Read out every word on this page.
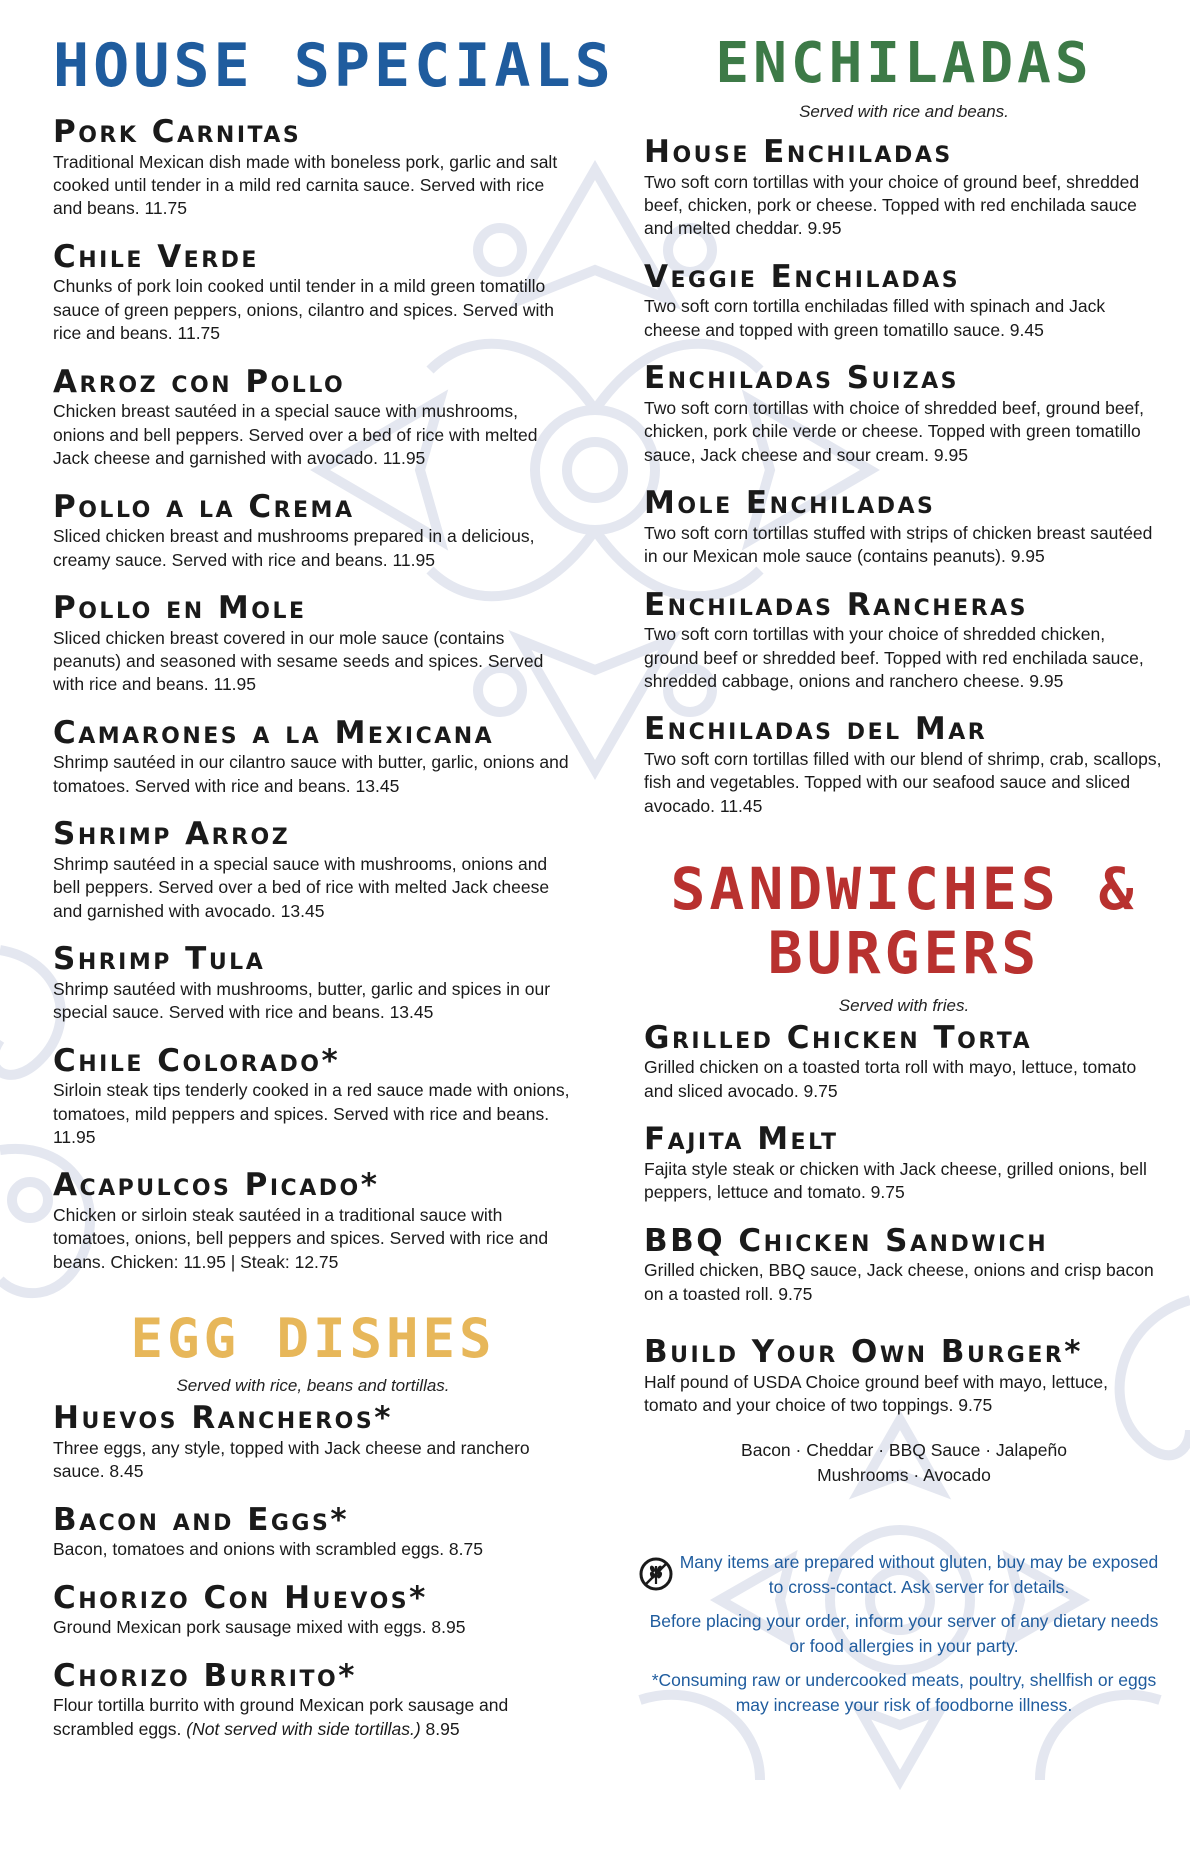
HOUSE SPECIALS

Pork Carnitas

Traditional Mexican dish made with boneless pork, garlic and salt cooked until tender in a mild red carnita sauce. Served with rice and beans. 11.75

Chile Verde

Chunks of pork loin cooked until tender in a mild green tomatillo sauce of green peppers, onions, cilantro and spices. Served with rice and beans. 11.75

Arroz con Pollo

Chicken breast sautéed in a special sauce with mushrooms, onions and bell peppers. Served over a bed of rice with melted Jack cheese and garnished with avocado. 11.95

Pollo a la Crema

Sliced chicken breast and mushrooms prepared in a delicious, creamy sauce. Served with rice and beans. 11.95

Pollo en Mole

Sliced chicken breast covered in our mole sauce (contains peanuts) and seasoned with sesame seeds and spices. Served with rice and beans. 11.95

Camarones a la Mexicana

Shrimp sautéed in our cilantro sauce with butter, garlic, onions and tomatoes. Served with rice and beans. 13.45

Shrimp Arroz

Shrimp sautéed in a special sauce with mushrooms, onions and bell peppers. Served over a bed of rice with melted Jack cheese and garnished with avocado. 13.45

Shrimp Tula

Shrimp sautéed with mushrooms, butter, garlic and spices in our special sauce. Served with rice and beans. 13.45

Chile Colorado*

Sirloin steak tips tenderly cooked in a red sauce made with onions, tomatoes, mild peppers and spices. Served with rice and beans. 11.95

Acapulcos Picado*

Chicken or sirloin steak sautéed in a traditional sauce with tomatoes, onions, bell peppers and spices. Served with rice and beans. Chicken: 11.95 | Steak: 12.75

EGG DISHES

Served with rice, beans and tortillas.

Huevos Rancheros*

Three eggs, any style, topped with Jack cheese and ranchero sauce. 8.45

Bacon and Eggs*

Bacon, tomatoes and onions with scrambled eggs. 8.75

Chorizo Con Huevos*

Ground Mexican pork sausage mixed with eggs. 8.95

Chorizo Burrito*

Flour tortilla burrito with ground Mexican pork sausage and scrambled eggs. (Not served with side tortillas.) 8.95

ENCHILADAS

Served with rice and beans.

House Enchiladas

Two soft corn tortillas with your choice of ground beef, shredded beef, chicken, pork or cheese. Topped with red enchilada sauce and melted cheddar. 9.95

Veggie Enchiladas

Two soft corn tortilla enchiladas filled with spinach and Jack cheese and topped with green tomatillo sauce. 9.45

Enchiladas Suizas

Two soft corn tortillas with choice of shredded beef, ground beef, chicken, pork chile verde or cheese. Topped with green tomatillo sauce, Jack cheese and sour cream. 9.95

Mole Enchiladas

Two soft corn tortillas stuffed with strips of chicken breast sautéed in our Mexican mole sauce (contains peanuts). 9.95

Enchiladas Rancheras

Two soft corn tortillas with your choice of shredded chicken, ground beef or shredded beef. Topped with red enchilada sauce, shredded cabbage, onions and ranchero cheese. 9.95

Enchiladas del Mar

Two soft corn tortillas filled with our blend of shrimp, crab, scallops, fish and vegetables. Topped with our seafood sauce and sliced avocado. 11.45

SANDWICHES & BURGERS

Served with fries.

Grilled Chicken Torta

Grilled chicken on a toasted torta roll with mayo, lettuce, tomato and sliced avocado. 9.75

Fajita Melt

Fajita style steak or chicken with Jack cheese, grilled onions, bell peppers, lettuce and tomato. 9.75

BBQ Chicken Sandwich

Grilled chicken, BBQ sauce, Jack cheese, onions and crisp bacon on a toasted roll. 9.75

Build Your Own Burger*

Half pound of USDA Choice ground beef with mayo, lettuce, tomato and your choice of two toppings. 9.75

Bacon · Cheddar · BBQ Sauce · Jalapeño
Mushrooms · Avocado

Many items are prepared without gluten, buy may be exposed to cross-contact. Ask server for details.

Before placing your order, inform your server of any dietary needs or food allergies in your party.

*Consuming raw or undercooked meats, poultry, shellfish or eggs may increase your risk of foodborne illness.
